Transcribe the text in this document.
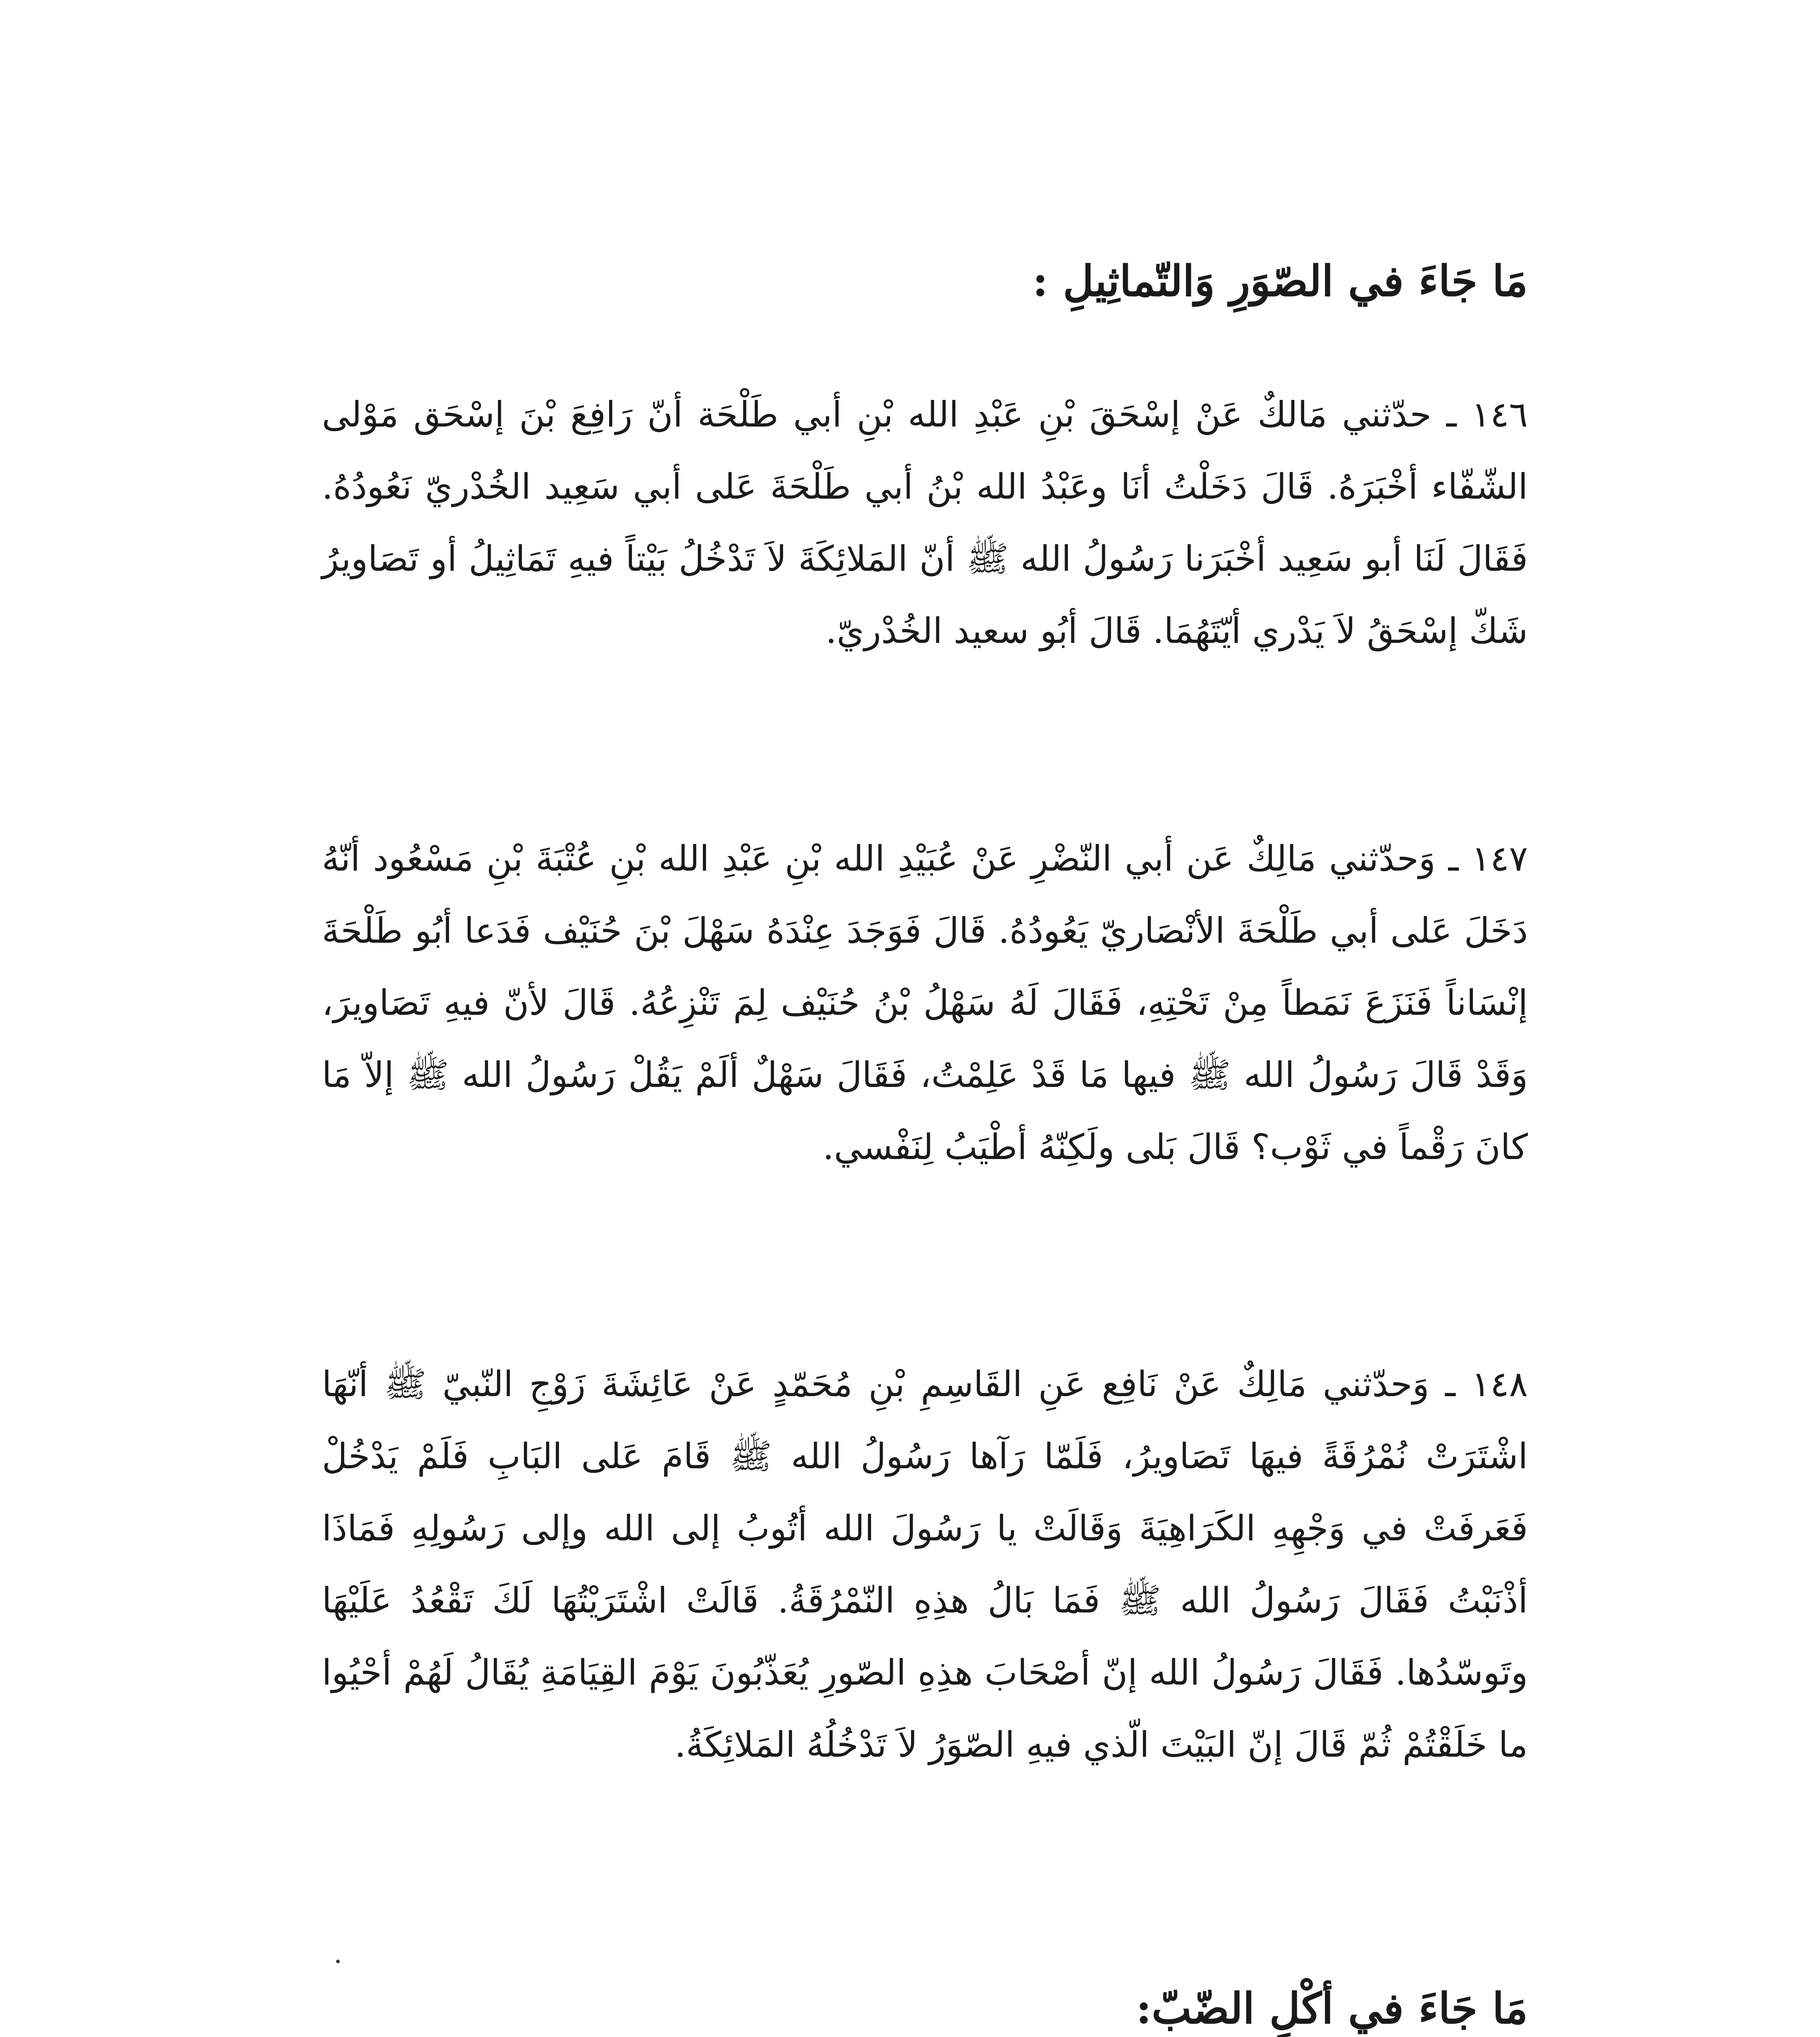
مَا جَاءَ في الصّوَرِ وَالتّماثِيلِ :

١٤٦ ـ حدّثني مَالكٌ عَنْ إسْحَقَ بْنِ عَبْدِ الله بْنِ أبي طَلْحَة أنّ رَافِعَ بْنَ إسْحَق مَوْلى الشّفّاء أخْبَرَهُ. قَالَ دَخَلْتُ أنَا وعَبْدُ الله بْنُ أبي طَلْحَةَ عَلى أبي سَعِيد الخُدْريّ نَعُودُهُ. فَقَالَ لَنَا أبو سَعِيد أخْبَرَنا رَسُولُ الله ﷺ أنّ المَلائِكَةَ لاَ تَدْخُلُ بَيْتاً فيهِ تَمَاثِيلُ أو تَصَاويرُ شَكّ إسْحَقُ لاَ يَدْري أيّتَهُمَا. قَالَ أبُو سعيد الخُدْريّ.

١٤٧ ـ وَحدّثني مَالِكٌ عَن أبي النّضْرِ عَنْ عُبَيْدِ الله بْنِ عَبْدِ الله بْنِ عُتْبَةَ بْنِ مَسْعُود أنّهُ دَخَلَ عَلى أبي طَلْحَةَ الأنْصَاريّ يَعُودُهُ. قَالَ فَوَجَدَ عِنْدَهُ سَهْلَ بْنَ حُنَيْف فَدَعا أبُو طَلْحَةَ إنْسَاناً فَنَزَعَ نَمَطاً مِنْ تَحْتِهِ، فَقَالَ لَهُ سَهْلُ بْنُ حُنَيْف لِمَ تَنْزِعُهُ. قَالَ لأنّ فيهِ تَصَاويرَ، وَقَدْ قَالَ رَسُولُ الله ﷺ فيها مَا قَدْ عَلِمْتُ، فَقَالَ سَهْلٌ ألَمْ يَقُلْ رَسُولُ الله ﷺ إلاّ مَا كانَ رَقْماً في ثَوْب؟ قَالَ بَلى ولَكِنّهُ أطْيَبُ لِنَفْسي.

١٤٨ ـ وَحدّثني مَالِكٌ عَنْ نَافِع عَنِ القَاسِمِ بْنِ مُحَمّدٍ عَنْ عَائِشَةَ زَوْجِ النّبيّ ﷺ أنّهَا اشْتَرَتْ نُمْرُقَةً فيهَا تَصَاويرُ، فَلَمّا رَآها رَسُولُ الله ﷺ قَامَ عَلى البَابِ فَلَمْ يَدْخُلْ فَعَرفَتْ في وَجْهِهِ الكَرَاهِيَةَ وَقَالَتْ يا رَسُولَ الله أتُوبُ إلى الله وإلى رَسُولِهِ فَمَاذَا أذْنَبْتُ فَقَالَ رَسُولُ الله ﷺ فَمَا بَالُ هذِهِ النّمْرُقَةُ. قَالَتْ اشْتَرَيْتُهَا لَكَ تَقْعُدُ عَلَيْهَا وتَوسّدُها. فَقَالَ رَسُولُ الله إنّ أصْحَابَ هذِهِ الصّورِ يُعَذّبُونَ يَوْمَ القِيَامَةِ يُقَالُ لَهُمْ أحْيُوا ما خَلَقْتُمْ ثُمّ قَالَ إنّ البَيْتَ الّذي فيهِ الصّوَرُ لاَ تَدْخُلُهُ المَلائِكَةُ.

مَا جَاءَ في أكْلِ الضّبّ:
